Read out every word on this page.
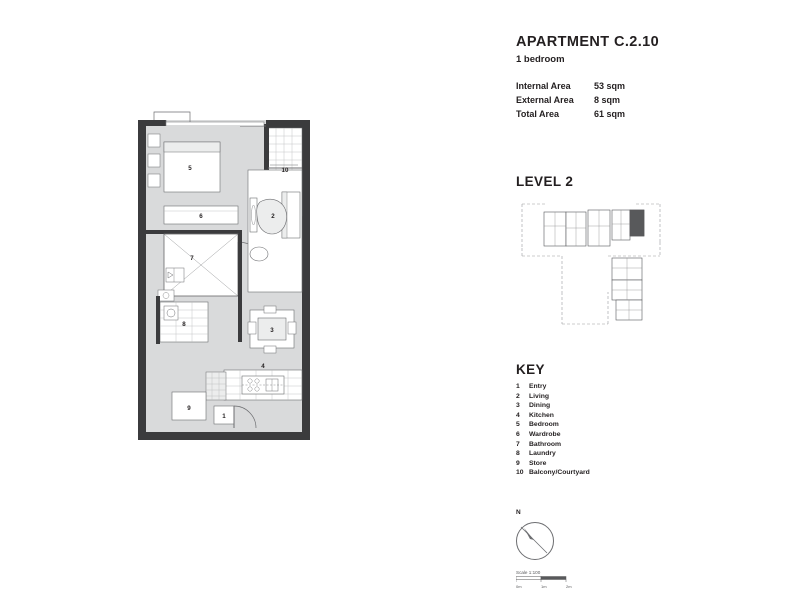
APARTMENT C.2.10
1 bedroom
Internal Area	53 sqm
External Area	8 sqm
Total Area	61 sqm
LEVEL 2
KEY
1	Entry
2	Living
3	Dining
4	Kitchen
5	Bedroom
6	Wardrobe
7	Bathroom
8	Laundry
9	Store
10 Balcony/Courtyard
N
Scale 1:100
0m	1m	2m
5
6
7
8
2
3
4
9
1
10
